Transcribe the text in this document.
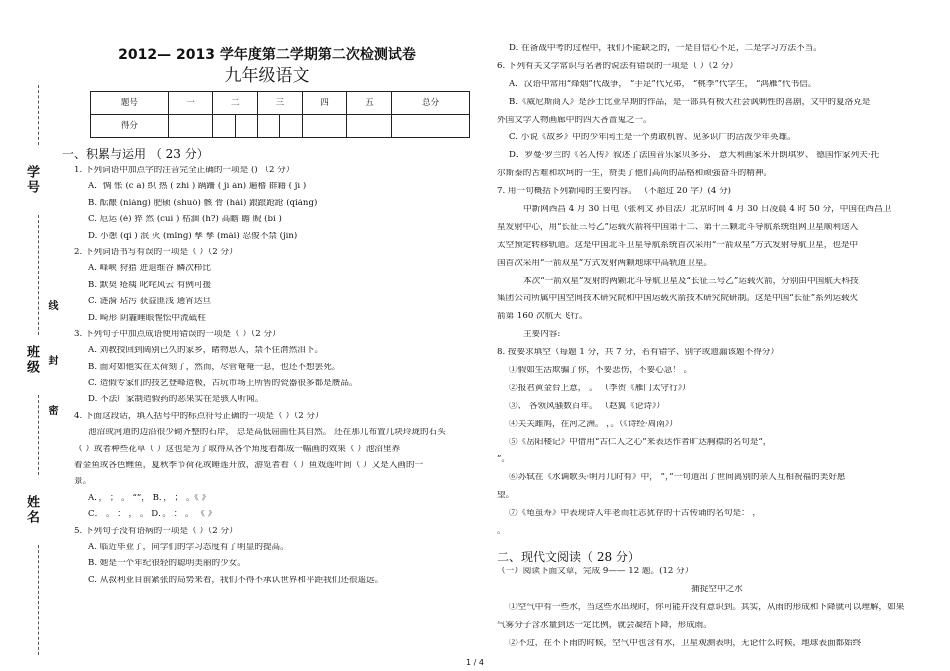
学号
线
班级 封
密
姓名
2012— 2013 学年度第二学期第二次检测试卷
九年级语文
题号	一	二		三		四	五	总分
得分								
一、积累与运用 （ 23 分）
1. 下列词语中加点字的注音完全正确的一项是 () （2 分）
A．惆 怅 (c a) 织 热 ( zhì ) 蹒跚 ( jī ān) 遍稽 群籍 ( jī )
B. 酝酿 (niàng) 肥硕 (shuò) 骸 骨 (hái) 踉踉跄跄 (qiàng)
C. 厄运 (è) 猝 然 (cuì ) 枯涸 (h?) 高瞻 瞻 睨 (bì )
D. 小憩 (qì ) 泯 灭 (mǐng) 孳 孳 (mài) 忍俊不禁 (jīn)
2. 下列词语书写有误的一项是（ ）（2 分）
A. 峰峡 狩猎 进退维谷 鳞次栉比
B. 默契 疮痍 叱咤风云 有例可援
C. 涟漪 玷污 获益匪浅 通宵达旦
D. 畸形 阴霾睡眼惺忪中流砥柱
3. 下列句子中加点成语使用错误的一项是（ ）（2 分）
A. 刘教授回到阔别已久的家乡，睹物思人，禁不住潸然泪下。
B. 面对如他实在太荷刻了，然而，尽管奄奄一息，也还不想罢死。
C. 造假专家们的技艺登峰造极，古玩市场上所售的瓷器很多都是赝品。
D. 不法厂家制造假药的恶果实在是骇人听闻。
4. 下面这段话，填入括号中的标点符号正确的一项是（ ）（2 分）
池沼或河道的边沿很少砌齐整的石岸， 总是高低屈曲任其自然。 还在那儿布置几块玲珑的石头
（ ）或者种些花草（ ）这也是为了取得从各个角度看都成一幅画的效果（ ）池沼里养
着金鱼或各色鲤鱼，夏秋季节荷花或睡莲开放，游览者看（ ）鱼戏莲叶间（ ）又是入画的一
景。
A．， ； 。 “”， B．， ； 。《 》
C． 。 ： ， 。 D．。 ： 。 《 》
5. 下列句子没有语病的一项是（ ）（2 分）
A. 临近毕业了，同学们的学习态度有了明显的提高。
B. 她是一个年纪很轻的聪明美丽的少女。
C. 从叔利亚目前紧张的局势来看，我们不得不承认世界和平距我们还很遥远。
D. 在备战中考的过程中，我们不能缺乏的，一是自信心不足，二是学习方法不当。
6. 下列有关文学常识与名著的说法有错误的一项是（ ）（2 分）
A．汉语中常用“烽烟”代战争， “手足”代兄弟， “桃李”代学生， “鸿雁”代书信。
B.《威尼斯商人》是莎士比亚早期的作品，是一部具有极大社会讽刺性的喜剧，文中的夏洛克是
外国文学人物画廊中的四大吝啬鬼之一。
C. 小说《故乡》中的少年闰土是一个勇敢机智、见多识广的活泼少年英雄。
D．罗曼·罗兰的《名人传》叙述了法国音乐家贝多芬、 意大利画家米开朗琪罗、 德国作家列夫·托
尔斯泰的苦难和坎坷的一生，赞美了他们高尚的品格和顽强奋斗的精神。
7. 用一句概括下列新闻的主要内容。 （不超过 20 字）(4 分)
中新网西昌 4 月 30 日电（张利文 孙自法）北京时间 4 月 30 日凌晨 4 时 50 分，中国在西昌卫
星发射中心，用“长征三号乙”运载火箭将中国第十二、第十三颗北斗导航系统组网卫星顺利送入
太空预定转移轨道。这是中国北斗卫星导航系统首次采用“一箭双星”方式发射导航卫星，也是中
国首次采用“一箭双星”方式发射两颗地球中高轨道卫星。
本次“一箭双星”发射的两颗北斗导航卫星及“长征三号乙”运载火箭，分别由中国航天科技
集团公司所属中国空间技术研究院和中国运载火箭技术研究院研制。这是中国“长征”系列运载火
箭第 160 次航天飞行。
主要内容:
8. 按要求填空（每题 1 分，共 7 分，若有错字、别字或遗漏该题不得分）
①假如生活欺骗了你，不要悲伤，不要心急！ 。
②报君黄金台上意， 。 （李贺《雁门太守行》）
③、 各领风骚数百年。 （赵翼《论诗》）
④关关雎鸠，在河之洲。 ，。（《诗经·周南》）
⑤《岳阳楼记》中借用“古仁人之心”来表达作者旷达胸襟的名句是“，
”。
⑥苏轼在《水调歌头·明月几时有》中， ”，”一句道出了世间离别的亲人互相祝福的美好愿
望。
⑦《龟虽寿》中表现诗人年老而壮志犹存的千古传诵的名句是： ，
。
二、现代文阅读（ 28 分）
（一）阅读下面文章，完成 9—— 12 题。(12 分）
捕捉空中之水
①空气中有一些水，当这些水出现时，你可能并没有意识到。其实，从雨的形成和下降就可以理解，如果
气雾分子含水量到达一定比例，就会凝结下降，形成雨。
②不过，在不下雨的时候，空气中也含有水，卫星观测表明，无论什么时候，地球表面都始终
1 / 4
